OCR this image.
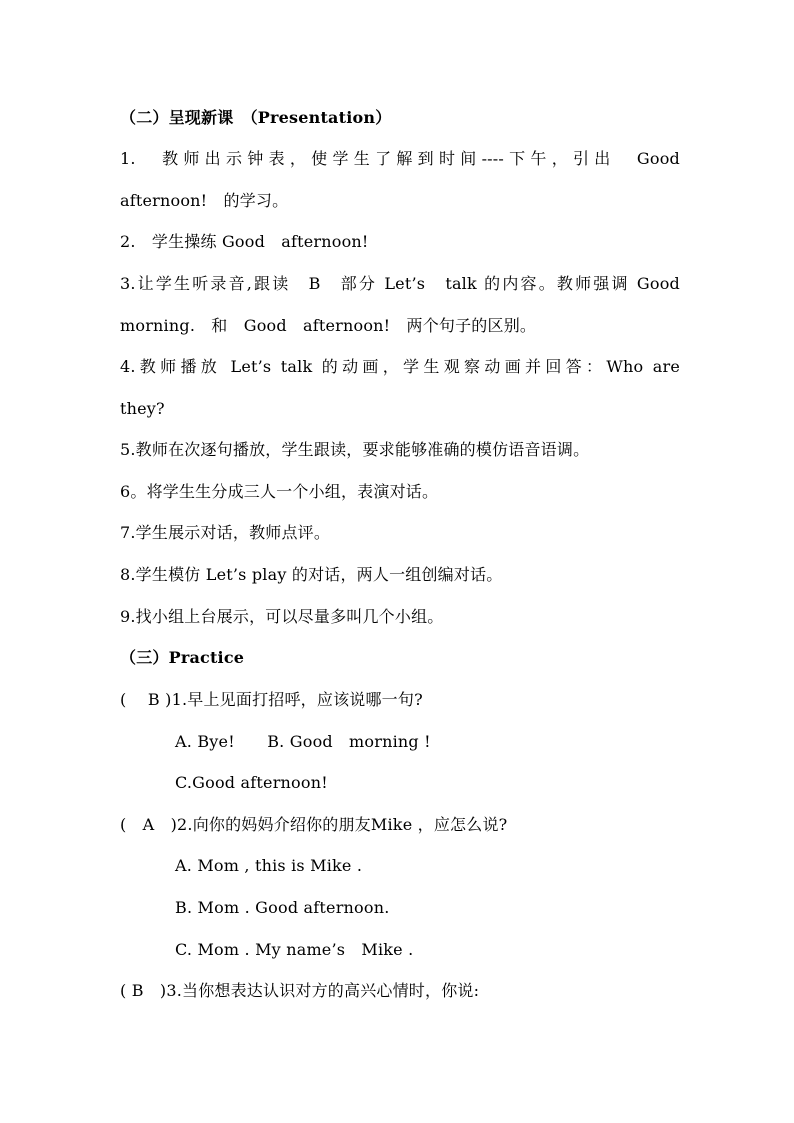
（二）呈现新课　（Presentation）
1.　教师出示钟表，使学生了解到时间----下午，引出　Good
afternoon!　的学习。
2.　学生操练 Good　afternoon!
3.让学生听录音,跟读　B　部分 Let’s　talk 的内容。教师强调 Good
morning.　和　Good　afternoon!　两个句子的区别。
4.教师播放 Let’s talk 的动画，学生观察动画并回答：Who are
they?
5.教师在次逐句播放，学生跟读，要求能够准确的模仿语音语调。
6。将学生生分成三人一个小组，表演对话。
7.学生展示对话，教师点评。
8.学生模仿 Let’s play 的对话，两人一组创编对话。
9.找小组上台展示，可以尽量多叫几个小组。
（三）Practice
(　 B )1.早上见面打招呼，应该说哪一句?
A. Bye!　　B. Good　morning !
C.Good afternoon!
(　A　)2.向你的妈妈介绍你的朋友Mike ，应怎么说?
A. Mom , this is Mike .
B. Mom . Good afternoon.
C. Mom . My name’s　Mike .
( B　)3.当你想表达认识对方的高兴心情时，你说:
